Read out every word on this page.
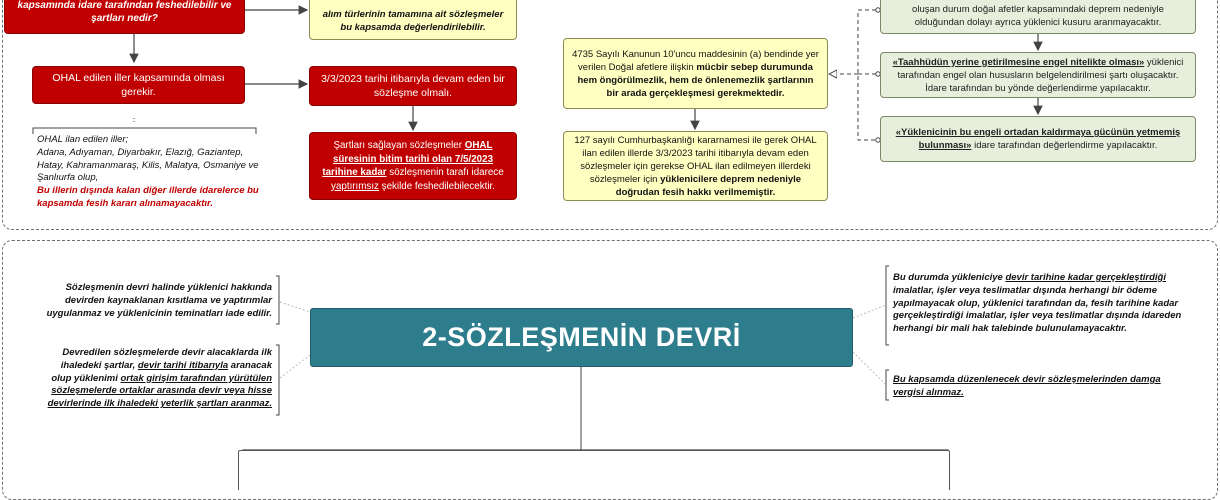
kapsamında idare tarafından feshedilebilir ve
şartları nedir?
OHAL edilen iller kapsamında olması gerekir.
3/3/2023 tarihi itibarıyla devam eden bir sözleşme olmalı.
Şartları sağlayan sözleşmeler OHAL süresinin bitim tarihi olan 7/5/2023 tarihine kadar sözleşmenin tarafı idarece yaptırımsız şekilde feshedilebilecektir.
alım türlerinin tamamına ait sözleşmeler bu kapsamda değerlendirilebilir.
OHAL ilan edilen iller;
Adana, Adıyaman, Diyarbakır, Elazığ, Gaziantep, Hatay, Kahramanmaraş, Kilis, Malatya, Osmaniye ve Şanlıurfa olup,
Bu illerin dışında kalan diğer illerde idarelerce bu kapsamda fesih kararı alınamayacaktır.
4735 Sayılı Kanunun 10'uncu maddesinin (a) bendinde yer verilen Doğal afetlere ilişkin mücbir sebep durumunda hem öngörülmezlik, hem de önlenemezlik şartlarının bir arada gerçekleşmesi gerekmektedir.
127 sayılı Cumhurbaşkanlığı kararnamesi ile gerek OHAL ilan edilen illerde 3/3/2023 tarihi itibarıyla devam eden sözleşmeler için gerekse OHAL ilan edilmeyen illerdeki sözleşmeler için yüklenicilere deprem nedeniyle doğrudan fesih hakkı verilmemiştir.
oluşan durum doğal afetler kapsamındaki deprem nedeniyle olduğundan dolayı ayrıca yüklenici kusuru aranmayacaktır.
«Taahhüdün yerine getirilmesine engel nitelikte olması» yüklenici tarafından engel olan hususların belgelendirilmesi şartı oluşacaktır. İdare tarafından bu yönde değerlendirme yapılacaktır.
«Yüklenicinin bu engeli ortadan kaldırmaya gücünün yetmemiş bulunması» idare tarafından değerlendirme yapılacaktır.
2-SÖZLEŞMENİN DEVRİ
Sözleşmenin devri halinde yüklenici hakkında devirden kaynaklanan kısıtlama ve yaptırımlar uygulanmaz ve yüklenicinin teminatları iade edilir.
Devredilen sözleşmelerde devir alacaklarda ilk ihaledeki şartlar, devir tarihi itibarıyla aranacak olup yüklenimi ortak girişim tarafından yürütülen sözleşmelerde ortaklar arasında devir veya hisse devirlerinde ilk ihaledeki yeterlik şartları aranmaz.
Bu durumda yükleniciye devir tarihine kadar gerçekleştirdiği imalatlar, işler veya teslimatlar dışında herhangi bir ödeme yapılmayacak olup, yüklenici tarafından da, fesih tarihine kadar gerçekleştirdiği imalatlar, işler veya teslimatlar dışında idareden herhangi bir mali hak talebinde bulunulamayacaktır.
Bu kapsamda düzenlenecek devir sözleşmelerinden damga vergisi alınmaz.
